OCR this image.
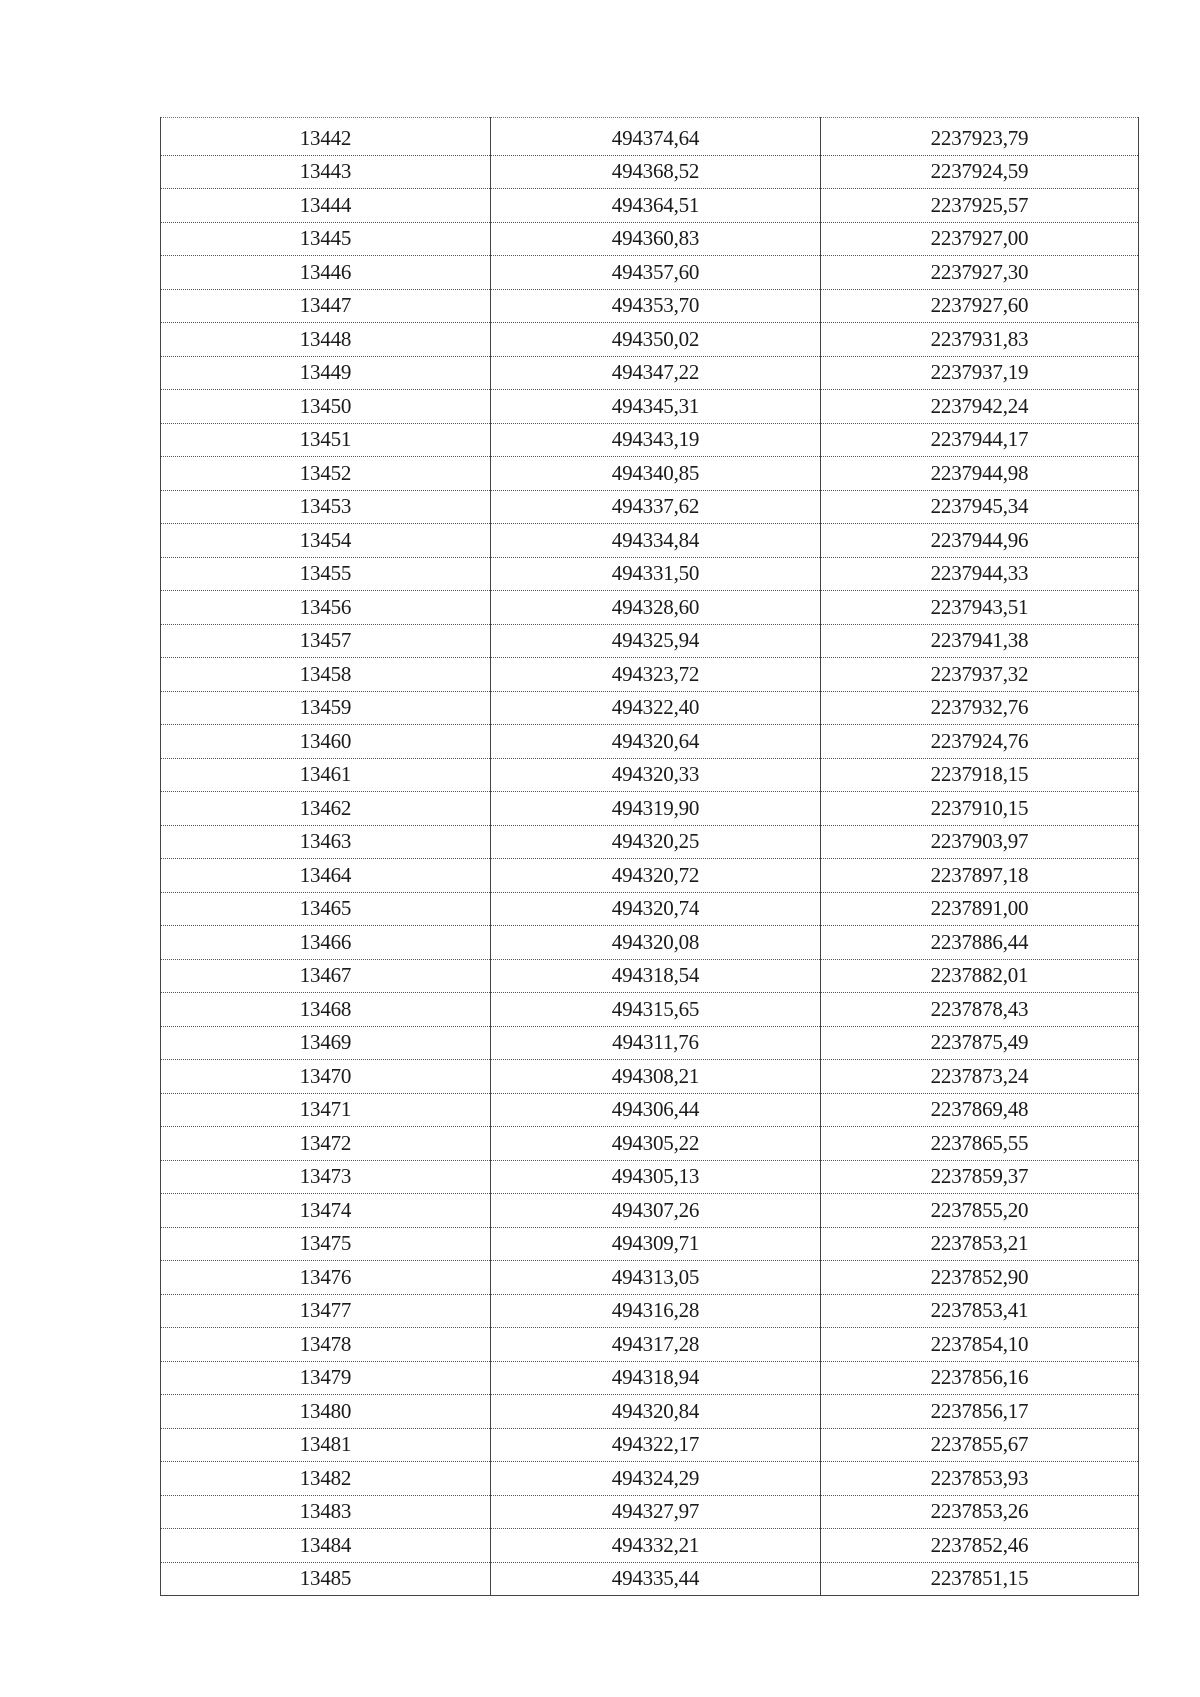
13442	494374,64	2237923,79
13443	494368,52	2237924,59
13444	494364,51	2237925,57
13445	494360,83	2237927,00
13446	494357,60	2237927,30
13447	494353,70	2237927,60
13448	494350,02	2237931,83
13449	494347,22	2237937,19
13450	494345,31	2237942,24
13451	494343,19	2237944,17
13452	494340,85	2237944,98
13453	494337,62	2237945,34
13454	494334,84	2237944,96
13455	494331,50	2237944,33
13456	494328,60	2237943,51
13457	494325,94	2237941,38
13458	494323,72	2237937,32
13459	494322,40	2237932,76
13460	494320,64	2237924,76
13461	494320,33	2237918,15
13462	494319,90	2237910,15
13463	494320,25	2237903,97
13464	494320,72	2237897,18
13465	494320,74	2237891,00
13466	494320,08	2237886,44
13467	494318,54	2237882,01
13468	494315,65	2237878,43
13469	494311,76	2237875,49
13470	494308,21	2237873,24
13471	494306,44	2237869,48
13472	494305,22	2237865,55
13473	494305,13	2237859,37
13474	494307,26	2237855,20
13475	494309,71	2237853,21
13476	494313,05	2237852,90
13477	494316,28	2237853,41
13478	494317,28	2237854,10
13479	494318,94	2237856,16
13480	494320,84	2237856,17
13481	494322,17	2237855,67
13482	494324,29	2237853,93
13483	494327,97	2237853,26
13484	494332,21	2237852,46
13485	494335,44	2237851,15
